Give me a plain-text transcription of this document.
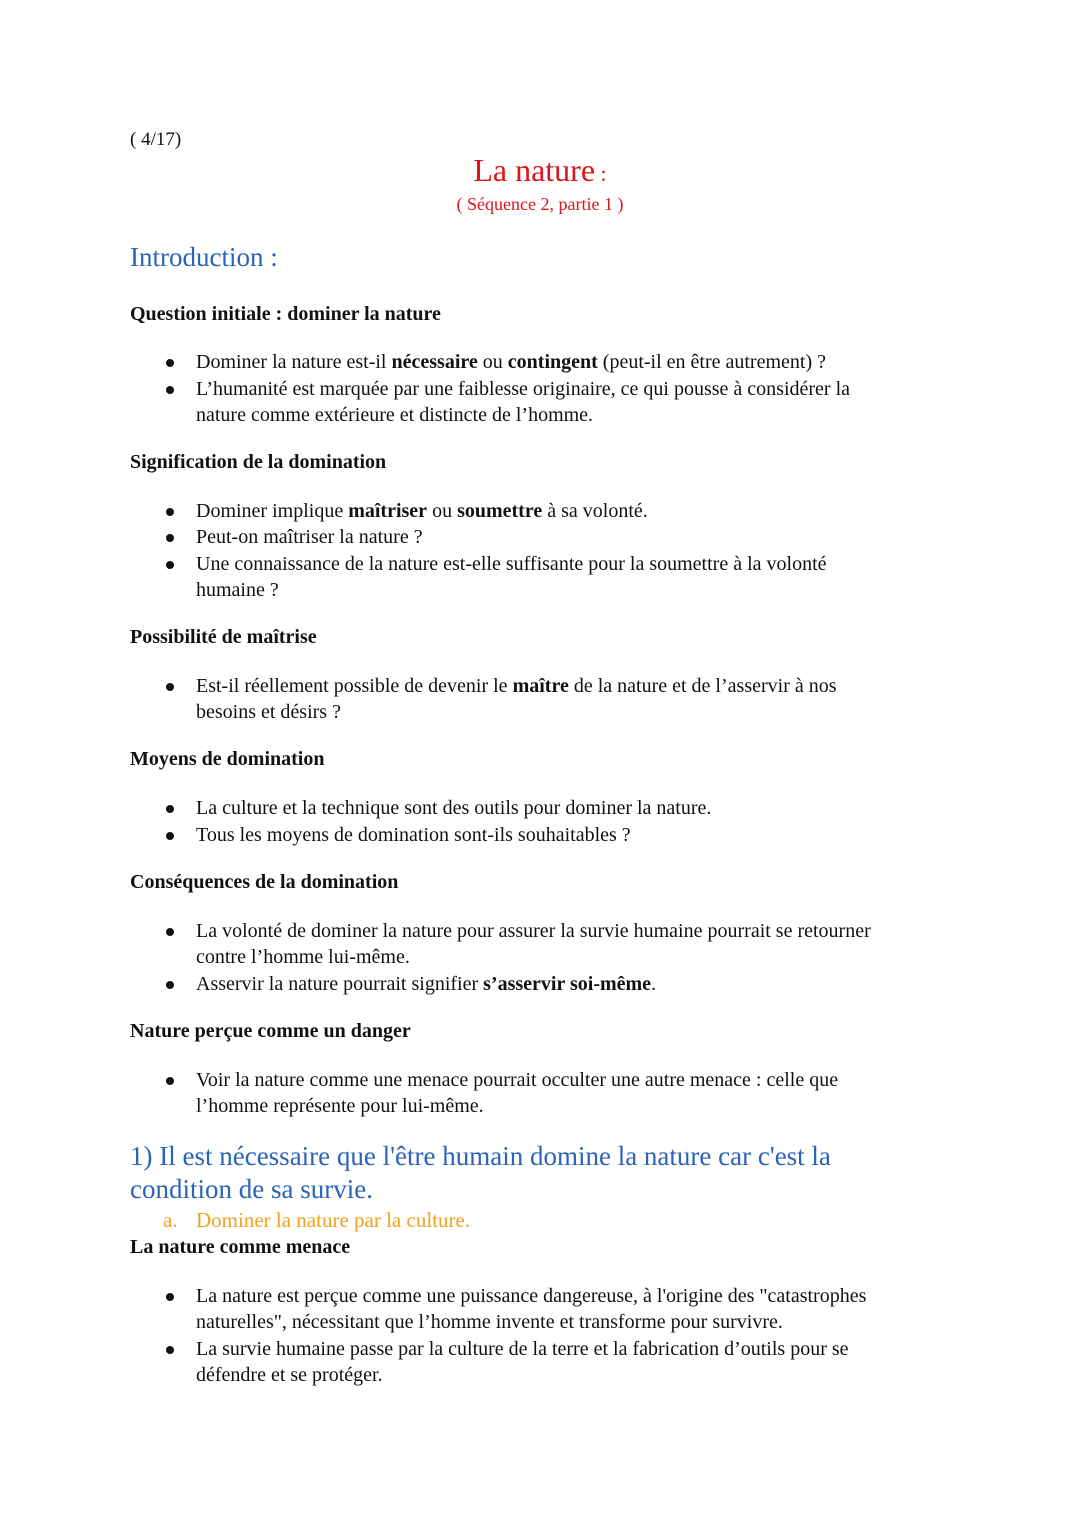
( 4/17)
La nature :
( Séquence 2, partie 1 )
Introduction :
Question initiale : dominer la nature
Dominer la nature est-il nécessaire ou contingent (peut-il en être autrement) ?
L’humanité est marquée par une faiblesse originaire, ce qui pousse à considérer la
nature comme extérieure et distincte de l’homme.
Signification de la domination
Dominer implique maîtriser ou soumettre à sa volonté.
Peut-on maîtriser la nature ?
Une connaissance de la nature est-elle suffisante pour la soumettre à la volonté
humaine ?
Possibilité de maîtrise
Est-il réellement possible de devenir le maître de la nature et de l’asservir à nos
besoins et désirs ?
Moyens de domination
La culture et la technique sont des outils pour dominer la nature.
Tous les moyens de domination sont-ils souhaitables ?
Conséquences de la domination
La volonté de dominer la nature pour assurer la survie humaine pourrait se retourner
contre l’homme lui-même.
Asservir la nature pourrait signifier s’asservir soi-même.
Nature perçue comme un danger
Voir la nature comme une menace pourrait occulter une autre menace : celle que
l’homme représente pour lui-même.
1) Il est nécessaire que l'être humain domine la nature car c'est la
condition de sa survie.
a. Dominer la nature par la culture.
La nature comme menace
La nature est perçue comme une puissance dangereuse, à l'origine des "catastrophes
naturelles", nécessitant que l’homme invente et transforme pour survivre.
La survie humaine passe par la culture de la terre et la fabrication d’outils pour se
défendre et se protéger.
